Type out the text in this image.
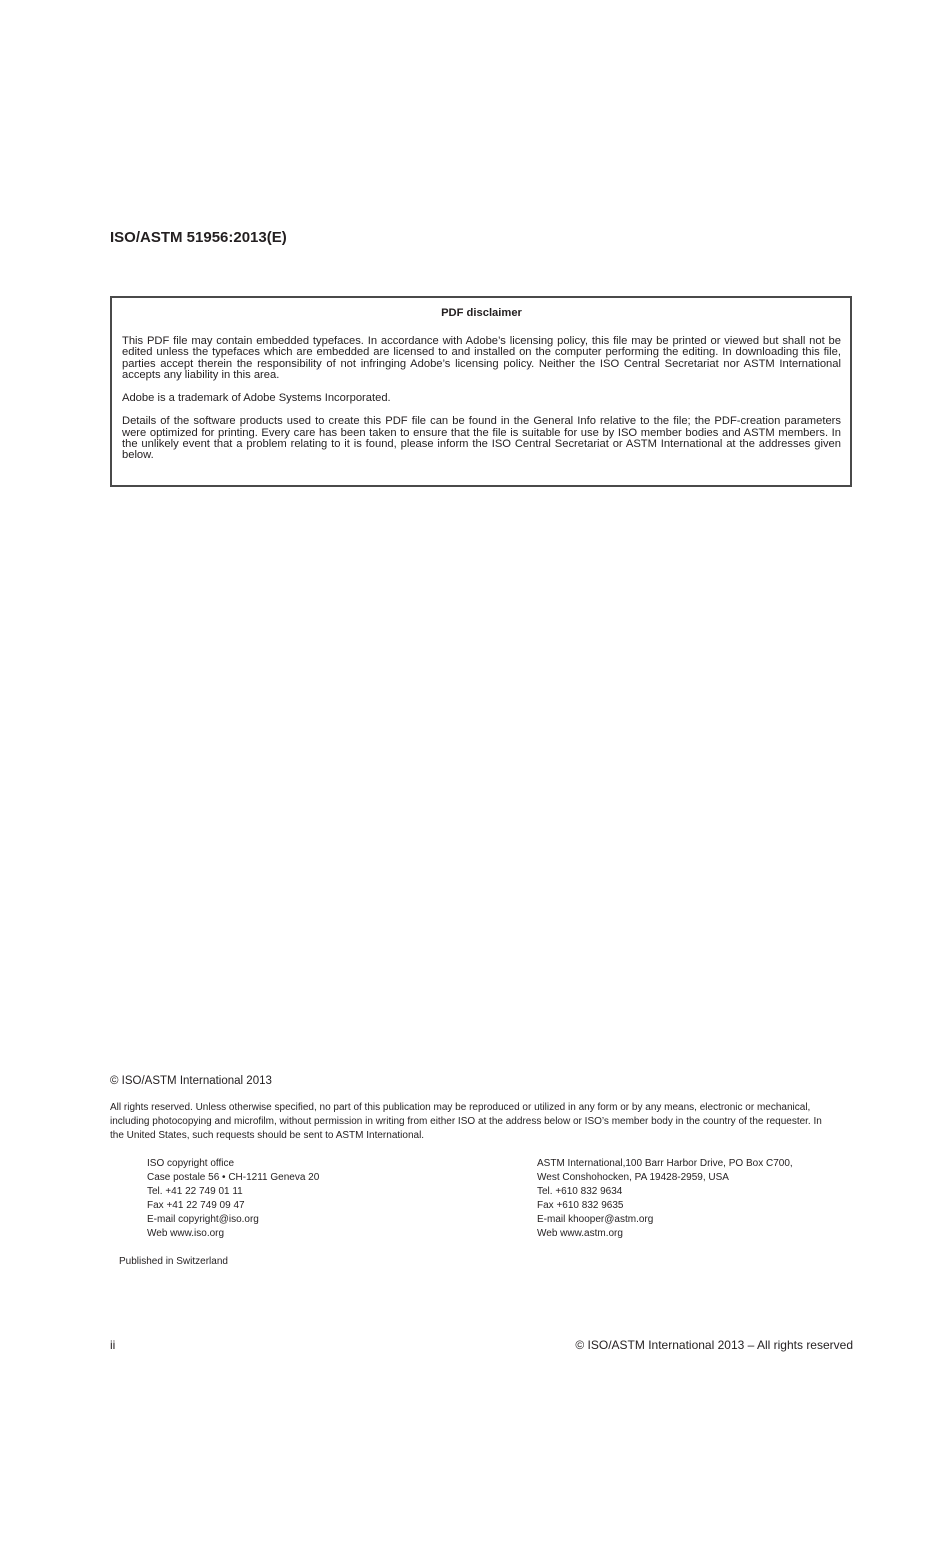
ISO/ASTM 51956:2013(E)
PDF disclaimer

This PDF file may contain embedded typefaces. In accordance with Adobe’s licensing policy, this file may be printed or viewed but shall not be edited unless the typefaces which are embedded are licensed to and installed on the computer performing the editing. In downloading this file, parties accept therein the responsibility of not infringing Adobe’s licensing policy. Neither the ISO Central Secretariat nor ASTM International accepts any liability in this area.

Adobe is a trademark of Adobe Systems Incorporated.

Details of the software products used to create this PDF file can be found in the General Info relative to the file; the PDF-creation parameters were optimized for printing. Every care has been taken to ensure that the file is suitable for use by ISO member bodies and ASTM members. In the unlikely event that a problem relating to it is found, please inform the ISO Central Secretariat or ASTM International at the addresses given below.

© ISO/ASTM International 2013

All rights reserved. Unless otherwise specified, no part of this publication may be reproduced or utilized in any form or by any means, electronic or mechanical, including photocopying and microfilm, without permission in writing from either ISO at the address below or ISO’s member body in the country of the requester. In the United States, such requests should be sent to ASTM International.

ISO copyright office
Case postale 56 • CH-1211 Geneva 20
Tel. +41 22 749 01 11
Fax +41 22 749 09 47
E-mail copyright@iso.org
Web www.iso.org
ASTM International,100 Barr Harbor Drive, PO Box C700,
West Conshohocken, PA 19428-2959, USA
Tel. +610 832 9634
Fax +610 832 9635
E-mail khooper@astm.org
Web www.astm.org

Published in Switzerland

ii	© ISO/ASTM International 2013 – All rights reserved
